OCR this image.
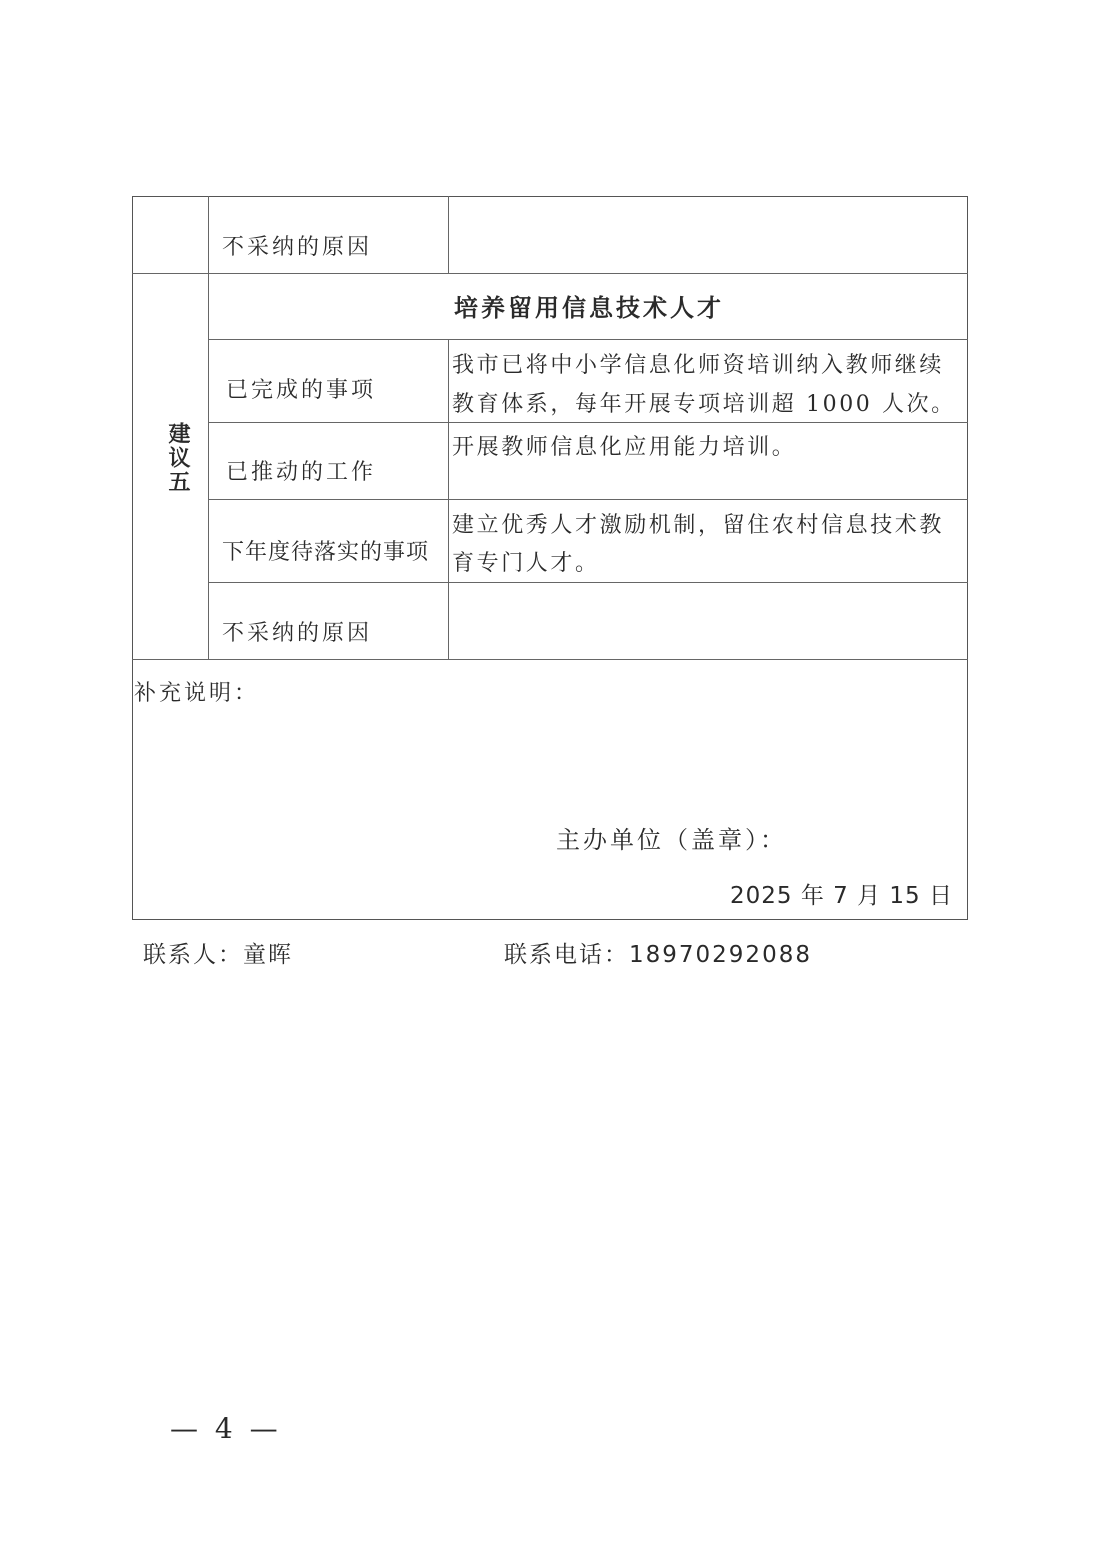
不采纳的原因
建议五
培养留用信息技术人才
已完成的事项
我市已将中小学信息化师资培训纳入教师继续
教育体系，每年开展专项培训超 1000 人次。
已推动的工作
开展教师信息化应用能力培训。
下年度待落实的事项
建立优秀人才激励机制，留住农村信息技术教
育专门人才。
不采纳的原因
补充说明：
主办单位（盖章）：
2025 年 7 月 15 日
联系人：童晖	联系电话：18970292088
— 4 —
